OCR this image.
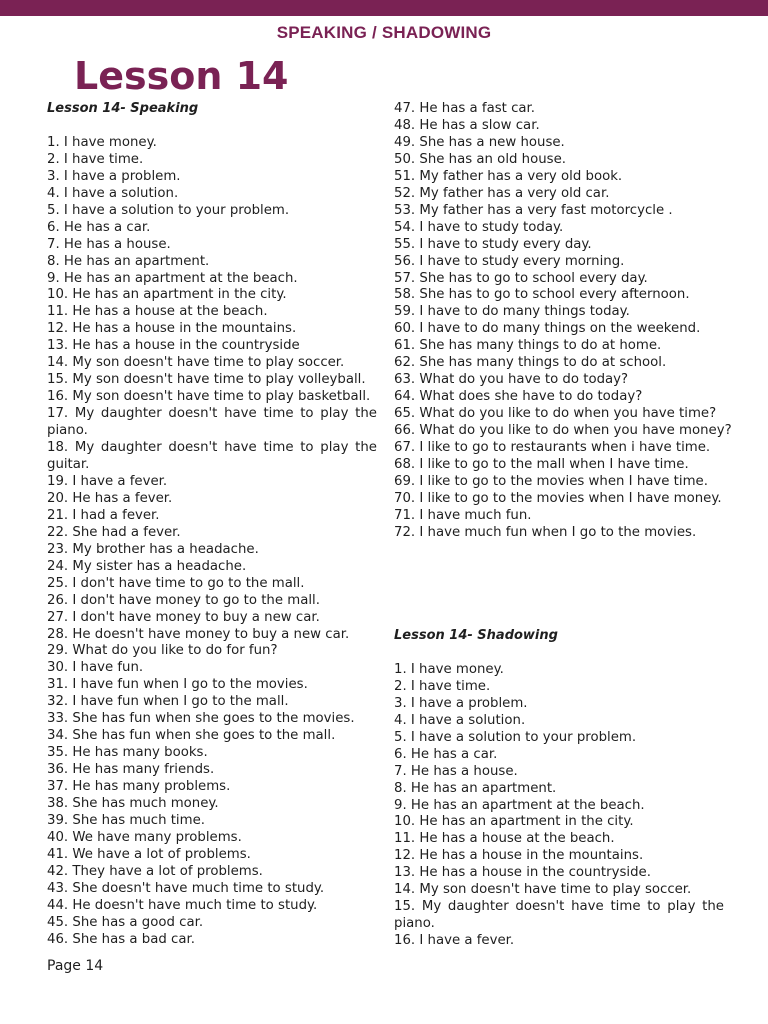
SPEAKING / SHADOWING
Lesson 14

Lesson 14- Speaking

1. I have money.
2. I have time.
3. I have a problem.
4. I have a solution.
5. I have a solution to your problem.
6. He has a car.
7. He has a house.
8. He has an apartment.
9. He has an apartment at the beach.
10. He has an apartment in the city.
11. He has a house at the beach.
12. He has a house in the mountains.
13. He has a house in the countryside
14. My son doesn't have time to play soccer.
15. My son doesn't have time to play volleyball.
16. My son doesn't have time to play basketball.
17. My daughter doesn't have time to play the piano.
18. My daughter doesn't have time to play the guitar.
19. I have a fever.
20. He has a fever.
21. I had a fever.
22. She had a fever.
23. My brother has a headache.
24. My sister has a headache.
25. I don't have time to go to the mall.
26. I don't have money to go to the mall.
27. I don't have money to buy a new car.
28. He doesn't have money to buy a new car.
29. What do you like to do for fun?
30. I have fun.
31. I have fun when I go to the movies.
32. I have fun when I go to the mall.
33. She has fun when she goes to the movies.
34. She has fun when she goes to the mall.
35. He has many books.
36. He has many friends.
37. He has many problems.
38. She has much money.
39. She has much time.
40. We have many problems.
41. We have a lot of problems.
42. They have a lot of problems.
43. She doesn't have much time to study.
44. He doesn't have much time to study.
45. She has a good car.
46. She has a bad car.
47. He has a fast car.
48. He has a slow car.
49. She has a new house.
50. She has an old house.
51. My father has a very old book.
52. My father has a very old car.
53. My father has a very fast motorcycle .
54. I have to study today.
55. I have to study every day.
56. I have to study every morning.
57. She has to go to school every day.
58. She has to go to school every afternoon.
59. I have to do many things today.
60. I have to do many things on the weekend.
61. She has many things to do at home.
62. She has many things to do at school.
63. What do you have to do today?
64. What does she have to do today?
65. What do you like to do when you have time?
66. What do you like to do when you have money?
67. I like to go to restaurants when i have time.
68. I like to go to the mall when I have time.
69. I like to go to the movies when I have time.
70. I like to go to the movies when I have money.
71. I have much fun.
72. I have much fun when I go to the movies.

Lesson 14- Shadowing

1. I have money.
2. I have time.
3. I have a problem.
4. I have a solution.
5. I have a solution to your problem.
6. He has a car.
7. He has a house.
8. He has an apartment.
9. He has an apartment at the beach.
10. He has an apartment in the city.
11. He has a house at the beach.
12. He has a house in the mountains.
13. He has a house in the countryside.
14. My son doesn't have time to play soccer.
15. My daughter doesn't have time to play the piano.
16. I have a fever.
Page 14
